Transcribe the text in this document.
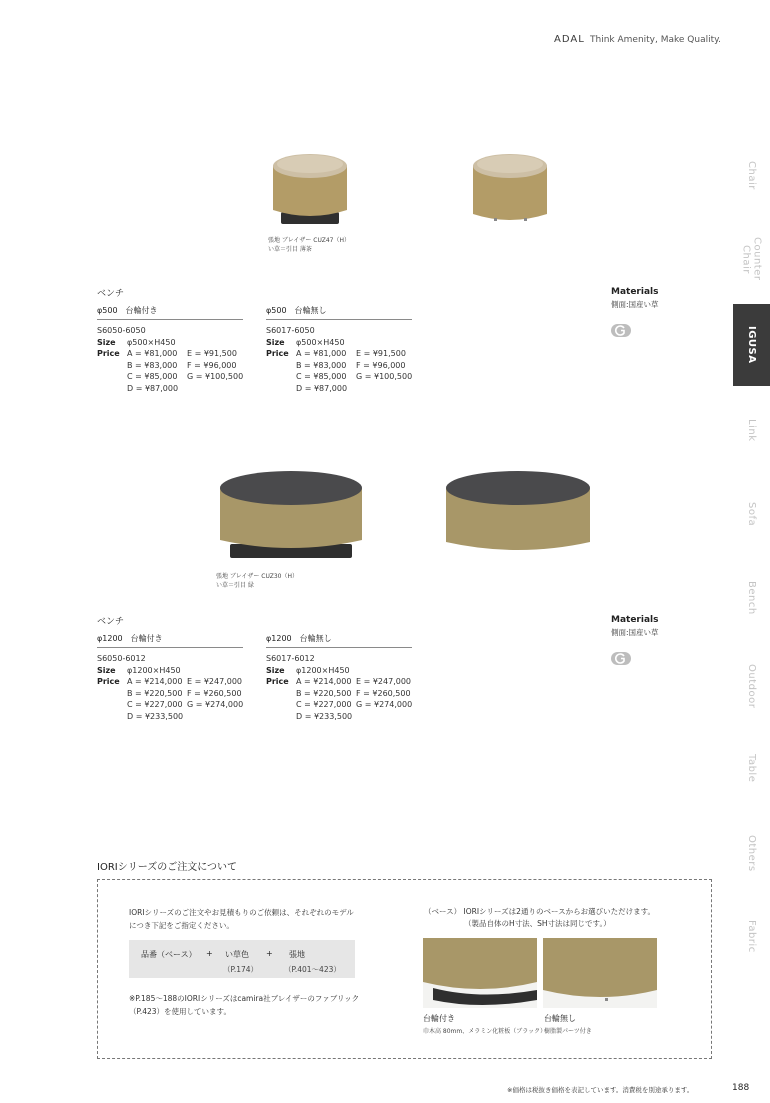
ADAL Think Amenity, Make Quality.
Chair
Counter
Chair
IGUSA
Link
Sofa
Bench
Outdoor
Table
Others
Fabric
張地 ブレイザー CUZ47（H）
い草＝引目 薄茶
ベンチ
φ500　台輪付き
S6050-6050
Size φ500×H450
Price A = ¥81,000 E = ¥91,500
B = ¥83,000 F = ¥96,000
C = ¥85,000 G = ¥100,500
D = ¥87,000
φ500　台輪無し
S6017-6050
Size φ500×H450
Price A = ¥81,000 E = ¥91,500
B = ¥83,000 F = ¥96,000
C = ¥85,000 G = ¥100,500
D = ¥87,000
Materials
側面:国産い草
張地 ブレイザー CUZ30（H）
い草＝引目 緑
ベンチ
φ1200　台輪付き
S6050-6012
Size φ1200×H450
Price A = ¥214,000 E = ¥247,000
B = ¥220,500 F = ¥260,500
C = ¥227,000 G = ¥274,000
D = ¥233,500
φ1200　台輪無し
S6017-6012
Size φ1200×H450
Price A = ¥214,000 E = ¥247,000
B = ¥220,500 F = ¥260,500
C = ¥227,000 G = ¥274,000
D = ¥233,500
Materials
側面:国産い草
IORIシリーズのご注文について
IORIシリーズのご注文やお見積もりのご依頼は、それぞれのモデル
につき下記をご指定ください。
品番（ベース） + い草色
（P.174）
+ 張地
（P.401〜423）
※P.185〜188のIORIシリーズはcamira社ブレイザーのファブリック
（P.423）を使用しています。
（ベース） IORIシリーズは2通りのベースからお選びいただけます。
（製品自体のH寸法、SH寸法は同じです。）
台輪付き
巾木高 80mm、メラミン化粧板（ブラック）
台輪無し
樹脂製パーツ付き
※価格は税抜き価格を表記しています。消費税を別途承ります。	188
